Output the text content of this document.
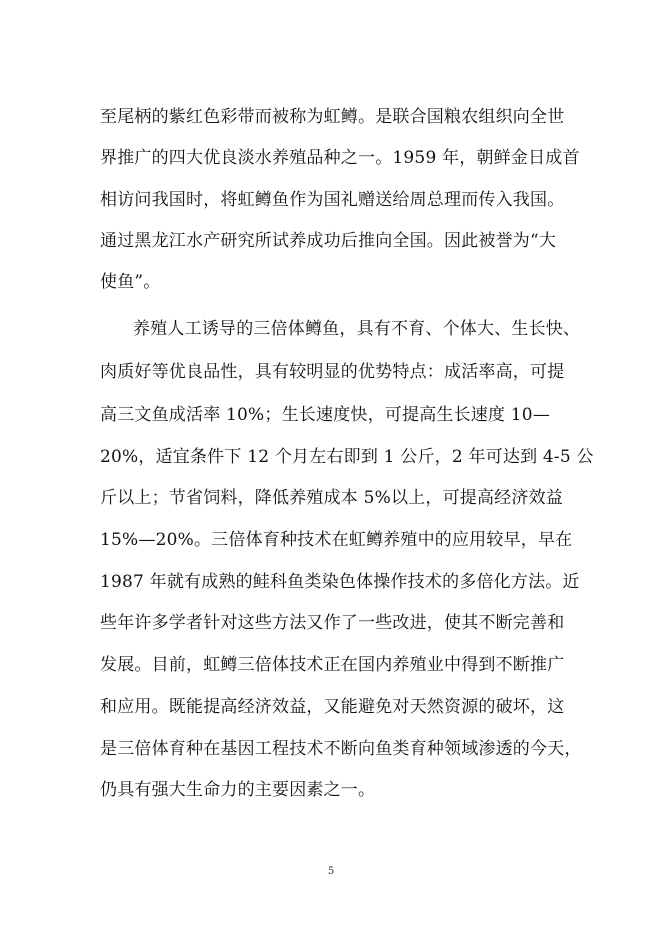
至尾柄的紫红色彩带而被称为虹鳟。是联合国粮农组织向全世
界推广的四大优良淡水养殖品种之一。1959 年，朝鲜金日成首
相访问我国时，将虹鳟鱼作为国礼赠送给周总理而传入我国。
通过黑龙江水产研究所试养成功后推向全国。因此被誉为“大
使鱼”。
养殖人工诱导的三倍体鳟鱼，具有不育、个体大、生长快、
肉质好等优良品性，具有较明显的优势特点：成活率高，可提
高三文鱼成活率 10%；生长速度快，可提高生长速度 10—
20%，适宜条件下 12 个月左右即到 1 公斤，2 年可达到 4-5 公
斤以上；节省饲料，降低养殖成本 5%以上，可提高经济效益
15%—20%。三倍体育种技术在虹鳟养殖中的应用较早，早在
1987 年就有成熟的鲑科鱼类染色体操作技术的多倍化方法。近
些年许多学者针对这些方法又作了一些改进，使其不断完善和
发展。目前，虹鳟三倍体技术正在国内养殖业中得到不断推广
和应用。既能提高经济效益，又能避免对天然资源的破坏，这
是三倍体育种在基因工程技术不断向鱼类育种领域渗透的今天，
仍具有强大生命力的主要因素之一。
5
